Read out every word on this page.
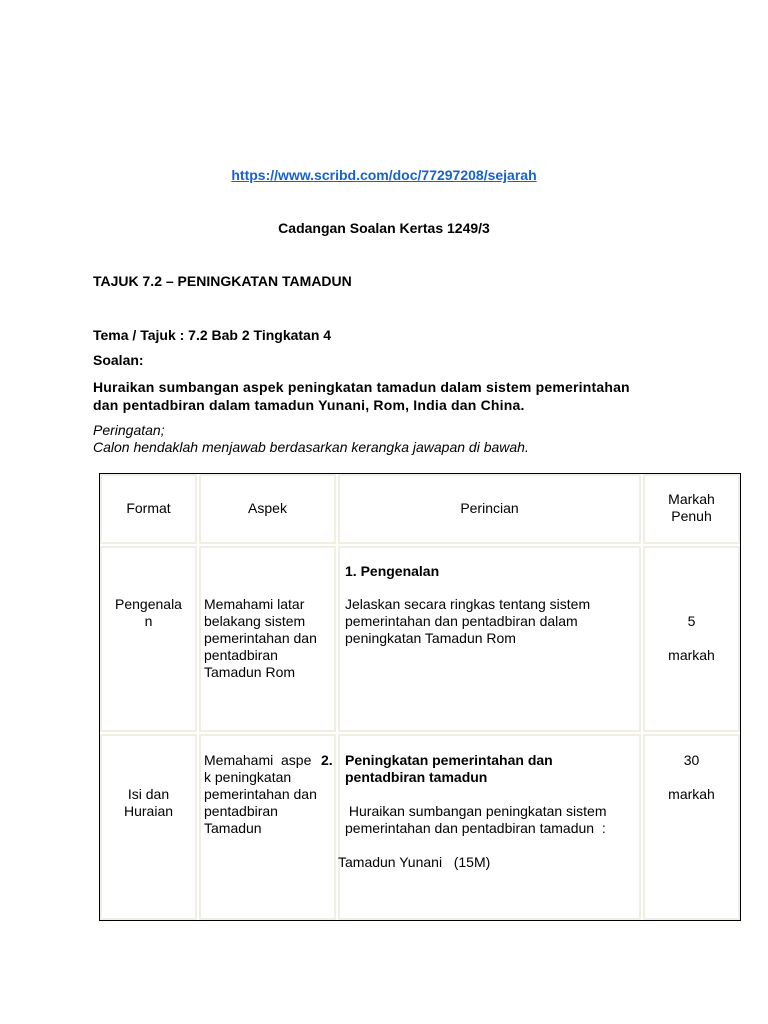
https://www.scribd.com/doc/77297208/sejarah
Cadangan Soalan Kertas 1249/3
TAJUK 7.2 – PENINGKATAN TAMADUN
Tema / Tajuk : 7.2 Bab 2 Tingkatan 4
Soalan:
Huraikan sumbangan aspek peningkatan tamadun dalam sistem pemerintahan
dan pentadbiran dalam tamadun Yunani, Rom, India dan China.
Peringatan;
Calon hendaklah menjawab berdasarkan kerangka jawapan di bawah.
Format	Aspek	Perincian
Markah
Penuh
Pengenala
n
Memahami latar
belakang sistem
pemerintahan dan
pentadbiran
Tamadun Rom
1. Pengenalan
Jelaskan secara ringkas tentang sistem
pemerintahan dan pentadbiran dalam
peningkatan Tamadun Rom
5
markah
Isi dan
Huraian
Memahami  aspe
k peningkatan
pemerintahan dan
pentadbiran
Tamadun
2. Peningkatan pemerintahan dan
pentadbiran tamadun
Huraikan sumbangan peningkatan sistem
pemerintahan dan pentadbiran tamadun  :
Tamadun Yunani   (15M)
30
markah
